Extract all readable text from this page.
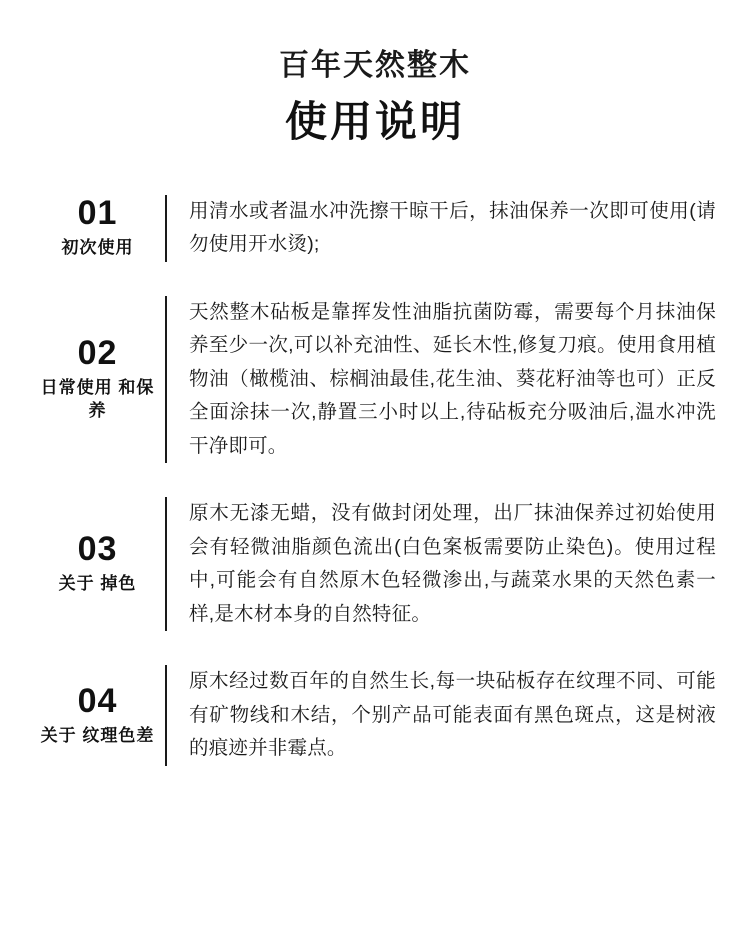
百年天然整木
使用说明
01
初次使用
用清水或者温水冲洗擦干晾干后，抹油保养一次即可使用(请勿使用开水烫);
02
日常使用 和保养
天然整木砧板是靠挥发性油脂抗菌防霉，需要每个月抹油保养至少一次,可以补充油性、延长木性,修复刀痕。使用食用植物油（橄榄油、棕榈油最佳,花生油、葵花籽油等也可）正反全面涂抹一次,静置三小时以上,待砧板充分吸油后,温水冲洗干净即可。
03
关于 掉色
原木无漆无蜡，没有做封闭处理，出厂抹油保养过初始使用会有轻微油脂颜色流出(白色案板需要防止染色)。使用过程中,可能会有自然原木色轻微渗出,与蔬菜水果的天然色素一样,是木材本身的自然特征。
04
关于 纹理色差
原木经过数百年的自然生长,每一块砧板存在纹理不同、可能有矿物线和木结，个别产品可能表面有黑色斑点，这是树液的痕迹并非霉点。
